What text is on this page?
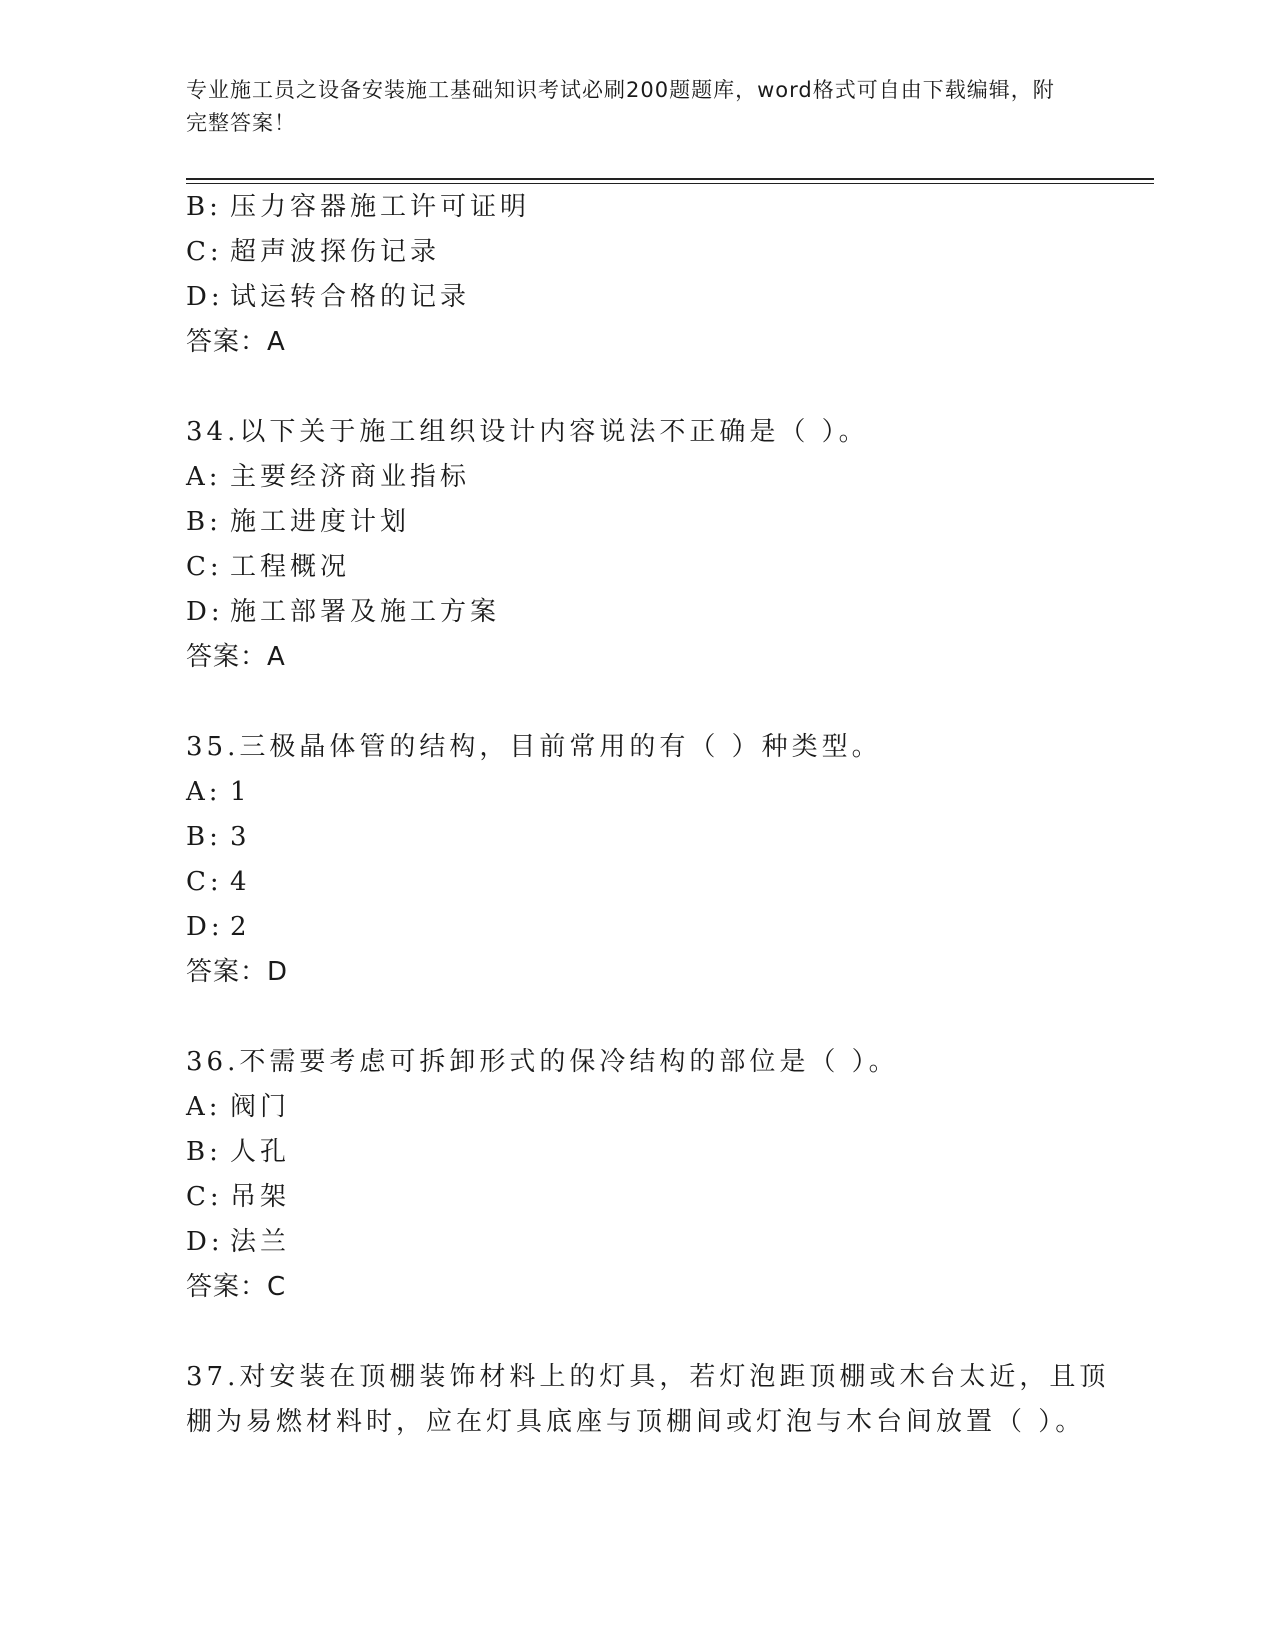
专业施工员之设备安装施工基础知识考试必刷200题题库，word格式可自由下载编辑，附完整答案！
B: 压力容器施工许可证明
C: 超声波探伤记录
D: 试运转合格的记录
答案：A
34.以下关于施工组织设计内容说法不正确是（ ）。
A: 主要经济商业指标
B: 施工进度计划
C: 工程概况
D: 施工部署及施工方案
答案：A
35.三极晶体管的结构，目前常用的有（ ）种类型。
A: 1
B: 3
C: 4
D: 2
答案：D
36.不需要考虑可拆卸形式的保冷结构的部位是（ ）。
A: 阀门
B: 人孔
C: 吊架
D: 法兰
答案：C
37.对安装在顶棚装饰材料上的灯具，若灯泡距顶棚或木台太近，且顶
棚为易燃材料时，应在灯具底座与顶棚间或灯泡与木台间放置（ ）。
